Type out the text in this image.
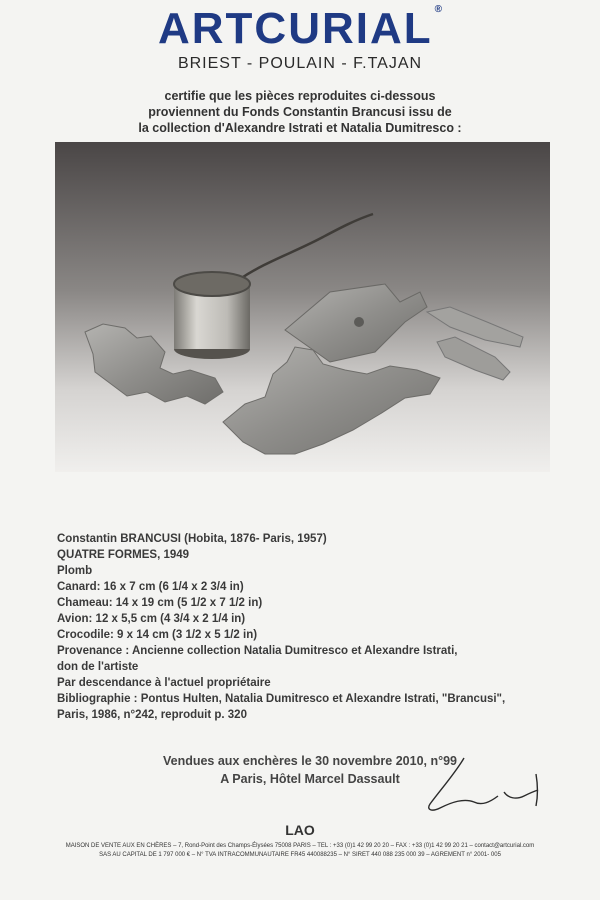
ARTCURIAL ®
BRIEST - POULAIN - F.TAJAN
certifie que les pièces reproduites ci-dessous
proviennent du Fonds Constantin Brancusi issu de
la collection d'Alexandre Istrati et Natalia Dumitresco :
Constantin BRANCUSI (Hobita, 1876- Paris, 1957)
QUATRE FORMES, 1949
Plomb
Canard: 16 x 7 cm (6 1/4 x 2 3/4 in)
Chameau: 14 x 19 cm (5 1/2 x 7 1/2 in)
Avion: 12 x 5,5 cm (4 3/4 x 2 1/4 in)
Crocodile: 9 x 14 cm (3 1/2 x 5 1/2 in)
Provenance : Ancienne collection Natalia Dumitresco et Alexandre Istrati,
don de l'artiste
Par descendance à l'actuel propriétaire
Bibliographie : Pontus Hulten, Natalia Dumitresco et Alexandre Istrati, "Brancusi",
Paris, 1986, n°242, reproduit p. 320
Vendues aux enchères le 30 novembre 2010, n°99
A Paris, Hôtel Marcel Dassault
LAO
MAISON DE VENTE AUX EN CHÈRES – 7, Rond-Point des Champs-Élysées 75008 PARIS – TEL : +33 (0)1 42 99 20 20 – FAX : +33 (0)1 42 99 20 21 – contact@artcurial.com
SAS AU CAPITAL DE 1 797 000 € – N° TVA INTRACOMMUNAUTAIRE FR45 440088235 – N° SIRET 440 088 235 000 39 – AGREMENT n° 2001- 005
